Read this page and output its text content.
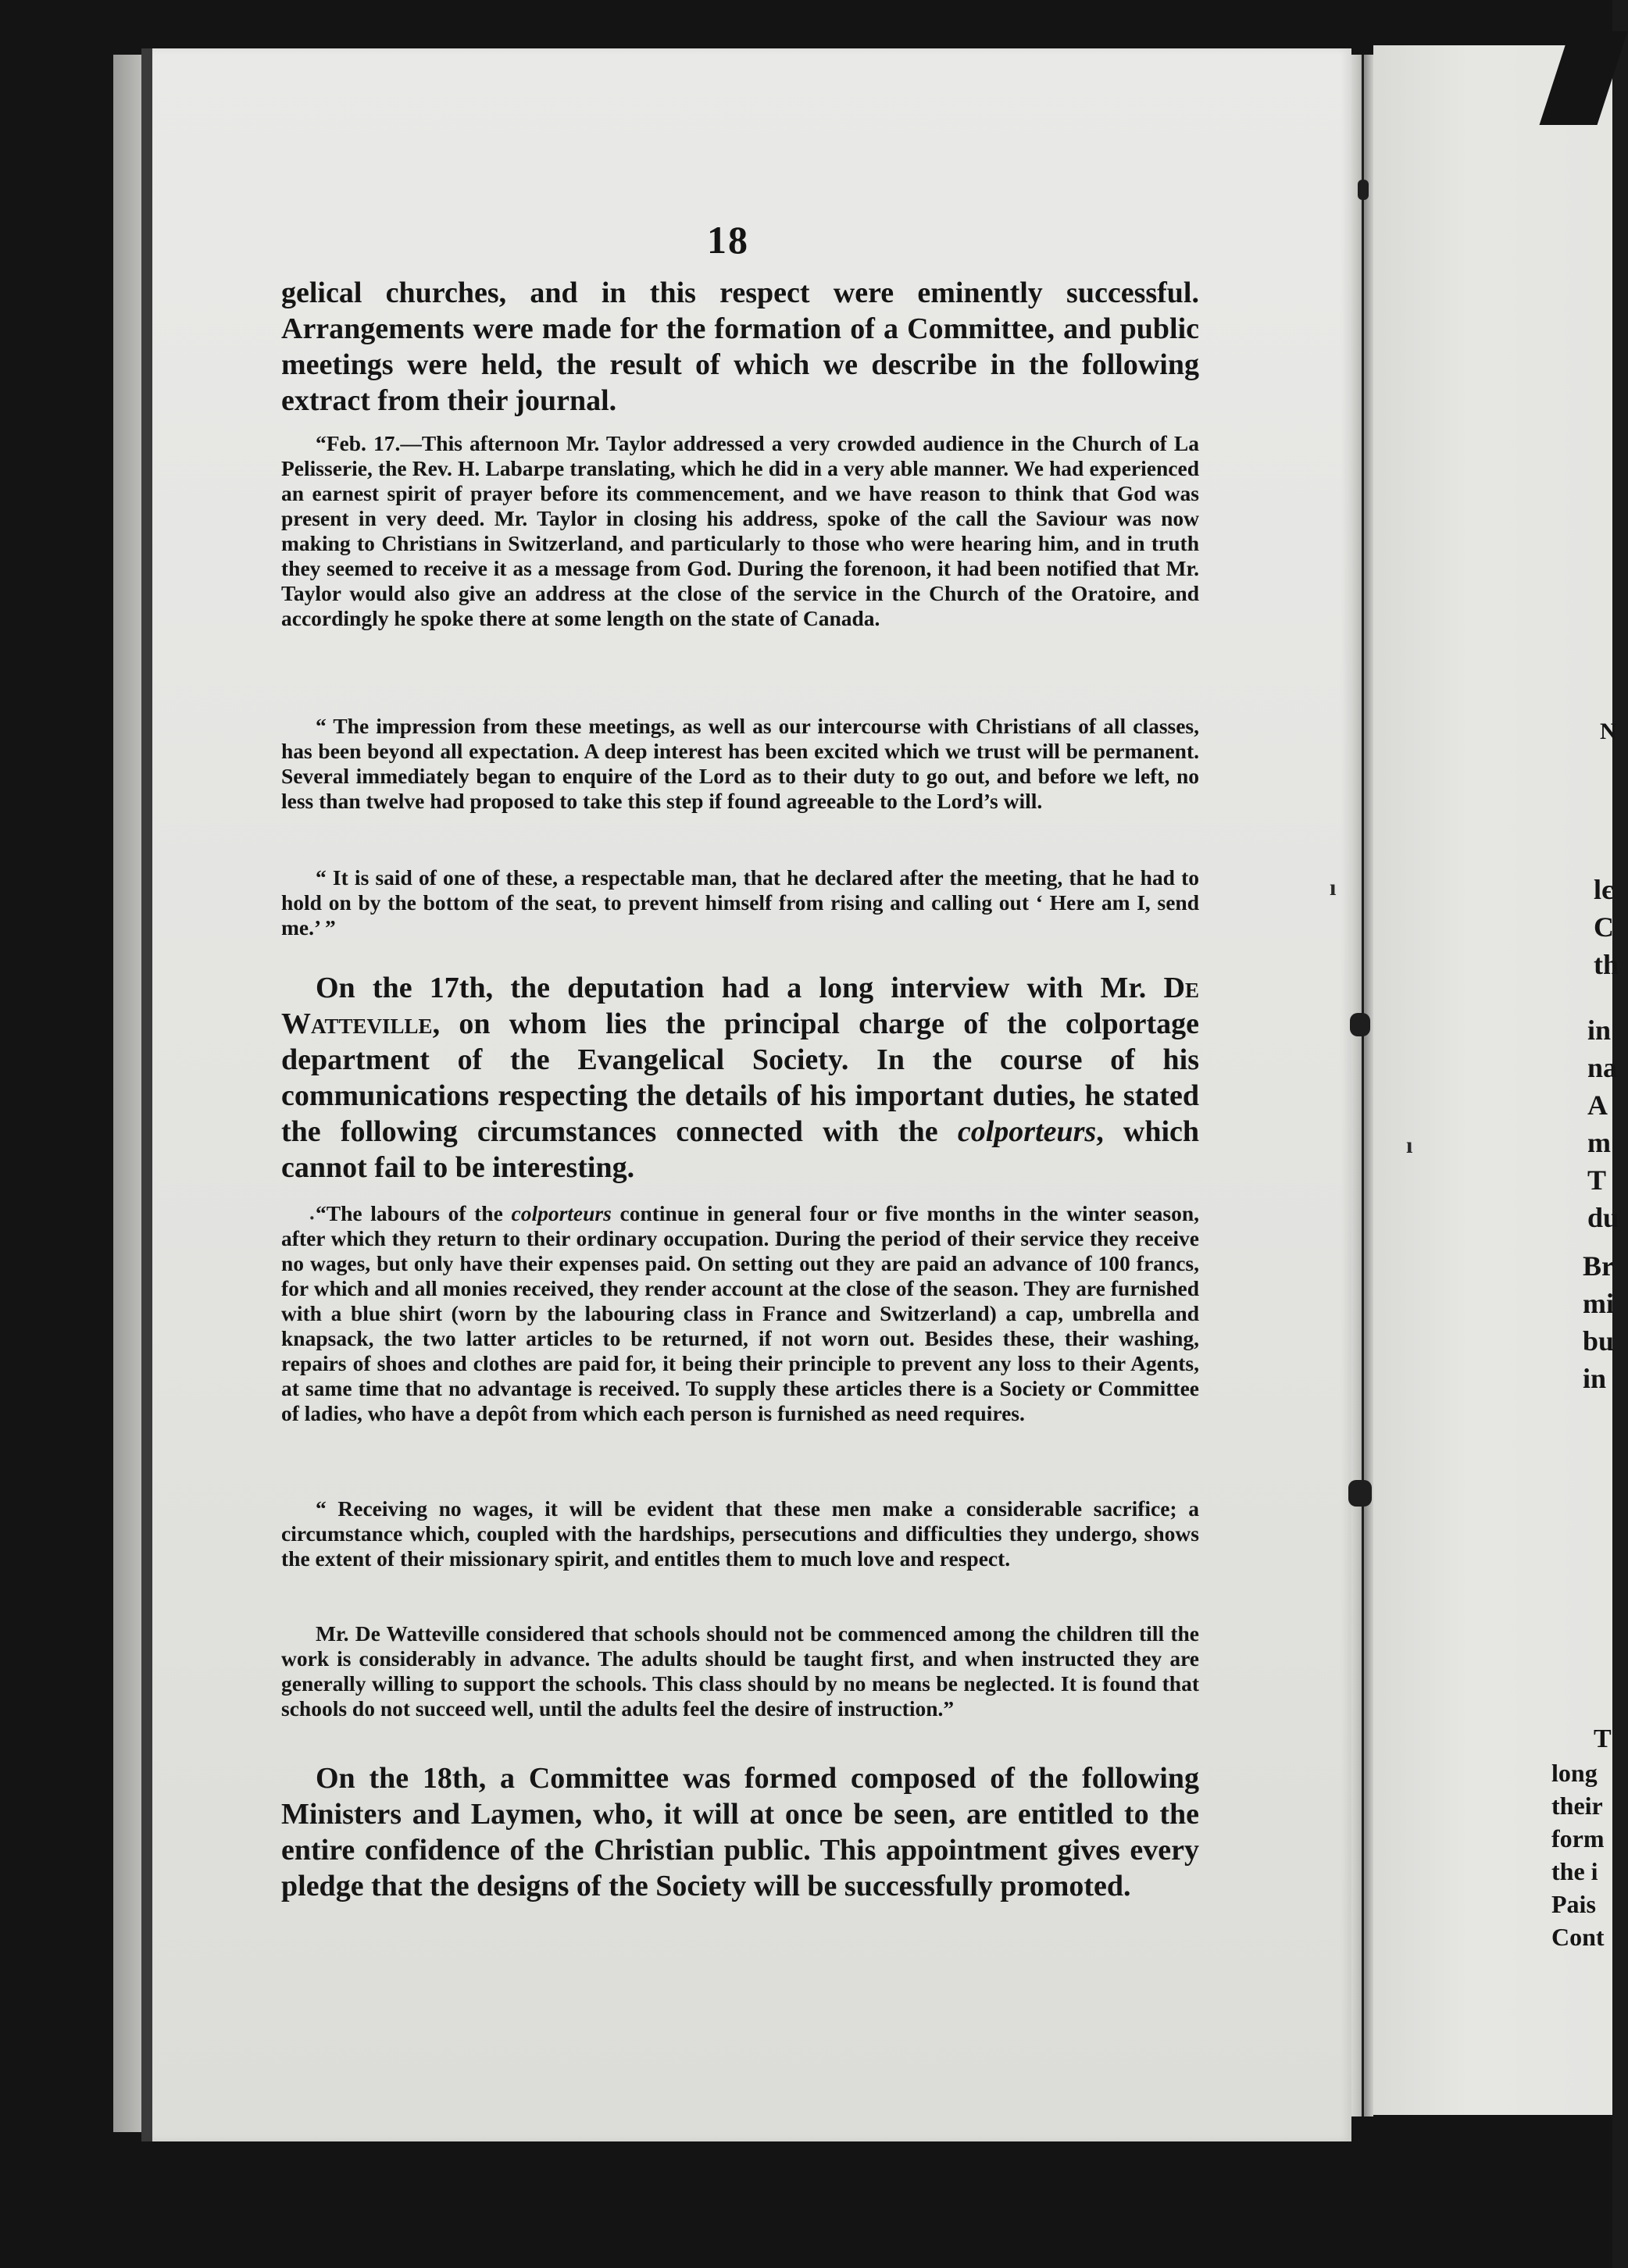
18
gelical churches, and in this respect were eminently successful. Arrangements were made for the formation of a Committee, and public meetings were held, the result of which we describe in the following extract from their journal.
“Feb. 17.—This afternoon Mr. Taylor addressed a very crowded audience in the Church of La Pelisserie, the Rev. H. Labarpe translating, which he did in a very able manner. We had experienced an earnest spirit of prayer before its commencement, and we have reason to think that God was present in very deed. Mr. Taylor in closing his address, spoke of the call the Saviour was now making to Christians in Switzerland, and particularly to those who were hearing him, and in truth they seemed to receive it as a message from God. During the forenoon, it had been notified that Mr. Taylor would also give an address at the close of the service in the Church of the Oratoire, and accordingly he spoke there at some length on the state of Canada.
“ The impression from these meetings, as well as our intercourse with Christians of all classes, has been beyond all expectation. A deep interest has been excited which we trust will be permanent. Several immediately began to enquire of the Lord as to their duty to go out, and before we left, no less than twelve had proposed to take this step if found agreeable to the Lord’s will.
“ It is said of one of these, a respectable man, that he declared after the meeting, that he had to hold on by the bottom of the seat, to prevent himself from rising and calling out ‘ Here am I, send me.’ ”
On the 17th, the deputation had a long interview with Mr. De Watteville, on whom lies the principal charge of the colportage department of the Evangelical Society. In the course of his communications respecting the details of his important duties, he stated the following circumstances connected with the colporteurs, which cannot fail to be interesting.
“The labours of the colporteurs continue in general four or five months in the winter season, after which they return to their ordinary occupation. During the period of their service they receive no wages, but only have their expenses paid. On setting out they are paid an advance of 100 francs, for which and all monies received, they render account at the close of the season. They are furnished with a blue shirt (worn by the labouring class in France and Switzerland) a cap, umbrella and knapsack, the two latter articles to be returned, if not worn out. Besides these, their washing, repairs of shoes and clothes are paid for, it being their principle to prevent any loss to their Agents, at same time that no advantage is received. To supply these articles there is a Society or Committee of ladies, who have a depôt from which each person is furnished as need requires.
“ Receiving no wages, it will be evident that these men make a considerable sacrifice; a circumstance which, coupled with the hardships, persecutions and difficulties they undergo, shows the extent of their missionary spirit, and entitles them to much love and respect.
Mr. De Watteville considered that schools should not be commenced among the children till the work is considerably in advance. The adults should be taught first, and when instructed they are generally willing to support the schools. This class should by no means be neglected. It is found that schools do not succeed well, until the adults feel the desire of instruction.”
On the 18th, a Committee was formed composed of the following Ministers and Laymen, who, it will at once be seen, are entitled to the entire confidence of the Christian public. This appointment gives every pledge that the designs of the Society will be successfully promoted.
ı
ı
·
N
lє
C
th
in
na
A
m
T
du
Br
mi
bu
in
T
long
their
form
the i
Pais
Cont
